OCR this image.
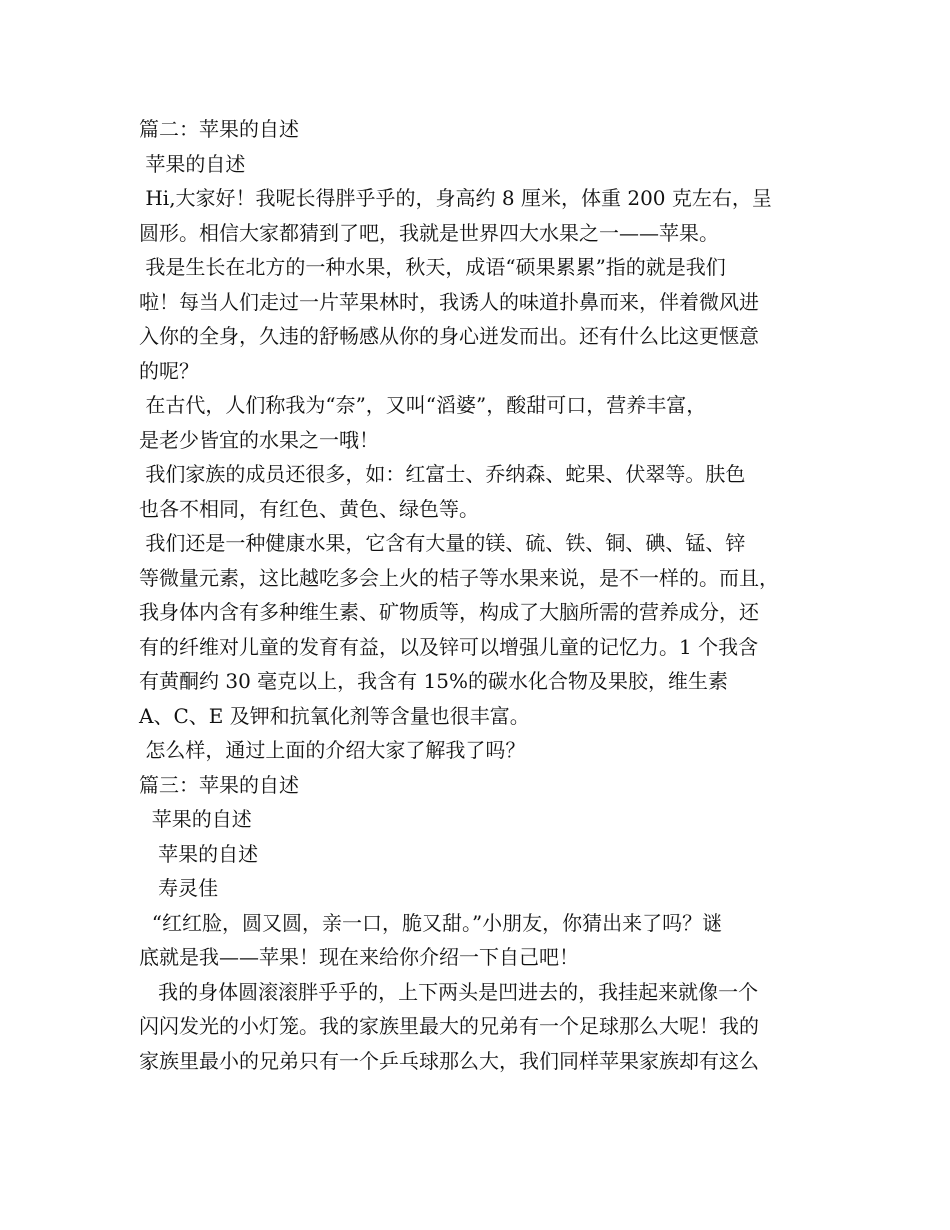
篇二：苹果的自述
苹果的自述
Hi,大家好！我呢长得胖乎乎的，身高约 8 厘米，体重 200 克左右，呈
圆形。相信大家都猜到了吧，我就是世界四大水果之一——苹果。
我是生长在北方的一种水果，秋天，成语“硕果累累”指的就是我们
啦！每当人们走过一片苹果林时，我诱人的味道扑鼻而来，伴着微风进
入你的全身，久违的舒畅感从你的身心迸发而出。还有什么比这更惬意
的呢？
在古代，人们称我为“奈”，又叫“滔婆”，酸甜可口，营养丰富，
是老少皆宜的水果之一哦！
我们家族的成员还很多，如：红富士、乔纳森、蛇果、伏翠等。肤色
也各不相同，有红色、黄色、绿色等。
我们还是一种健康水果，它含有大量的镁、硫、铁、铜、碘、锰、锌
等微量元素，这比越吃多会上火的桔子等水果来说，是不一样的。而且，
我身体内含有多种维生素、矿物质等，构成了大脑所需的营养成分，还
有的纤维对儿童的发育有益，以及锌可以增强儿童的记忆力。1 个我含
有黄酮约 30 毫克以上，我含有 15%的碳水化合物及果胶，维生素
A、C、E 及钾和抗氧化剂等含量也很丰富。
怎么样，通过上面的介绍大家了解我了吗？
篇三：苹果的自述
苹果的自述
苹果的自述
寿灵佳
“红红脸，圆又圆，亲一口，脆又甜。”小朋友，你猜出来了吗？谜
底就是我——苹果！现在来给你介绍一下自己吧！
我的身体圆滚滚胖乎乎的，上下两头是凹进去的，我挂起来就像一个
闪闪发光的小灯笼。我的家族里最大的兄弟有一个足球那么大呢！我的
家族里最小的兄弟只有一个乒乓球那么大，我们同样苹果家族却有这么
